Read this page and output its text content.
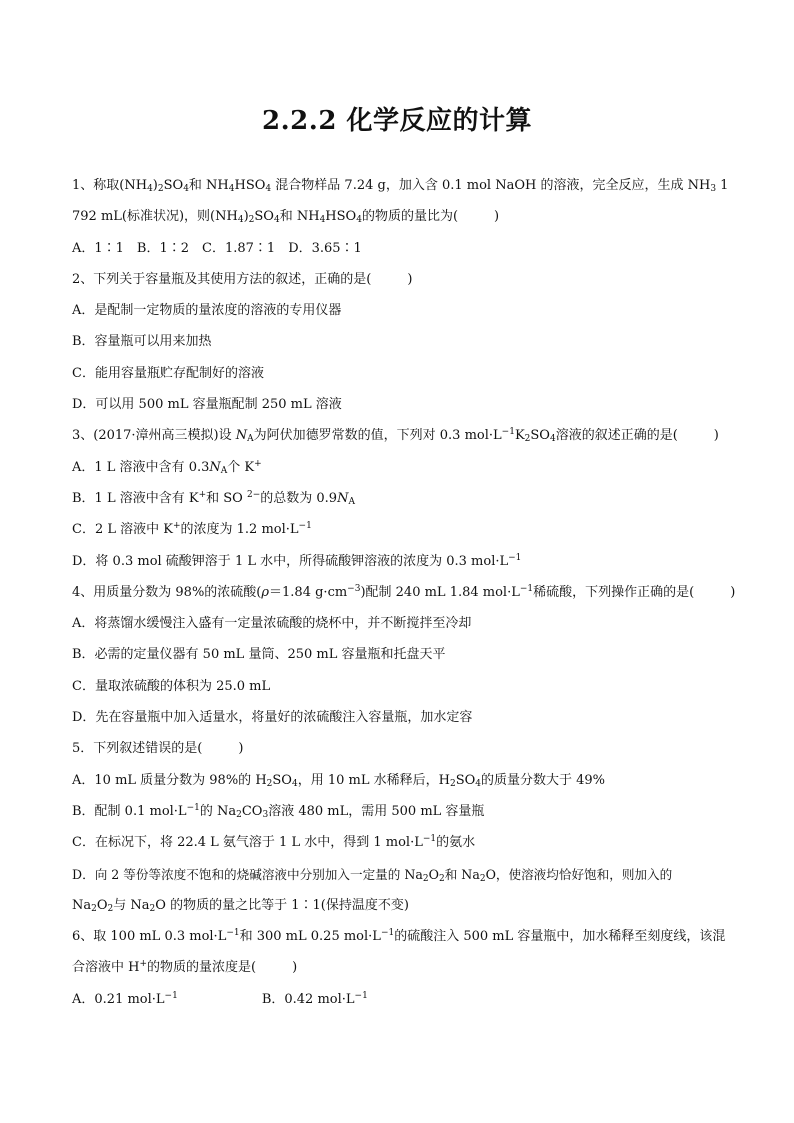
2.2.2 化学反应的计算
1、称取$(NH_4)_2SO_4$和 $NH_4HSO_4$ 混合物样品 7.24 g，加入含 0.1 mol NaOH 的溶液，完全反应，生成 $NH_3$ 1
792 mL(标准状况)，则$(NH_4)_2SO_4$和 $NH_4HSO_4$的物质的量比为(	)
A．1∶1　B．1∶2　C．1.87∶1　D．3.65∶1
2、下列关于容量瓶及其使用方法的叙述，正确的是(	)
A．是配制一定物质的量浓度的溶液的专用仪器
B．容量瓶可以用来加热
C．能用容量瓶贮存配制好的溶液
D．可以用 500 mL 容量瓶配制 250 mL 溶液
3、(2017·漳州高三模拟)设 $N_A$为阿伏加德罗常数的值，下列对 0.3 $mol\cdot L^{-1}K_2SO_4$溶液的叙述正确的是(	)
A．1 L 溶液中含有 $0.3N_A$个 K+
B．1 L 溶液中含有 K+和 SO $^{2-}$的总数为 $0.9N_A$
C．2 L 溶液中 K+的浓度为 1.2 $mol\cdot L^{-1}$
D．将 0.3 mol 硫酸钾溶于 1 L 水中，所得硫酸钾溶液的浓度为 0.3 $mol\cdot L^{-1}$
4、用质量分数为 98%的浓硫酸(ρ＝1.84 $g\cdot cm^{-3}$)配制 240 mL 1.84 $mol\cdot L^{-1}$稀硫酸，下列操作正确的是(	)
A．将蒸馏水缓慢注入盛有一定量浓硫酸的烧杯中，并不断搅拌至冷却
B．必需的定量仪器有 50 mL 量筒、250 mL 容量瓶和托盘天平
C．量取浓硫酸的体积为 25.0 mL
D．先在容量瓶中加入适量水，将量好的浓硫酸注入容量瓶，加水定容
5．下列叙述错误的是(	)
A．10 mL 质量分数为 98%的 $H_2SO_4$，用 10 mL 水稀释后，$H_2SO_4$的质量分数大于 49%
B．配制 0.1 $mol\cdot L^{-1}$的 $Na_2CO_3$溶液 480 mL，需用 500 mL 容量瓶
C．在标况下，将 22.4 L 氨气溶于 1 L 水中，得到 1 $mol\cdot L^{-1}$的氨水
D．向 2 等份等浓度不饱和的烧碱溶液中分别加入一定量的 $Na_2O_2$和 $Na_2O$，使溶液均恰好饱和，则加入的
$Na_2O_2$与 $Na_2O$ 的物质的量之比等于 1∶1(保持温度不变)
6、取 100 mL 0.3 $mol\cdot L^{-1}$和 300 mL 0.25 $mol\cdot L^{-1}$的硫酸注入 500 mL 容量瓶中，加水稀释至刻度线，该混
合溶液中 H+的物质的量浓度是(	)
A．0.21 $mol\cdot L^{-1}$	B．0.42 $mol\cdot L^{-1}$
